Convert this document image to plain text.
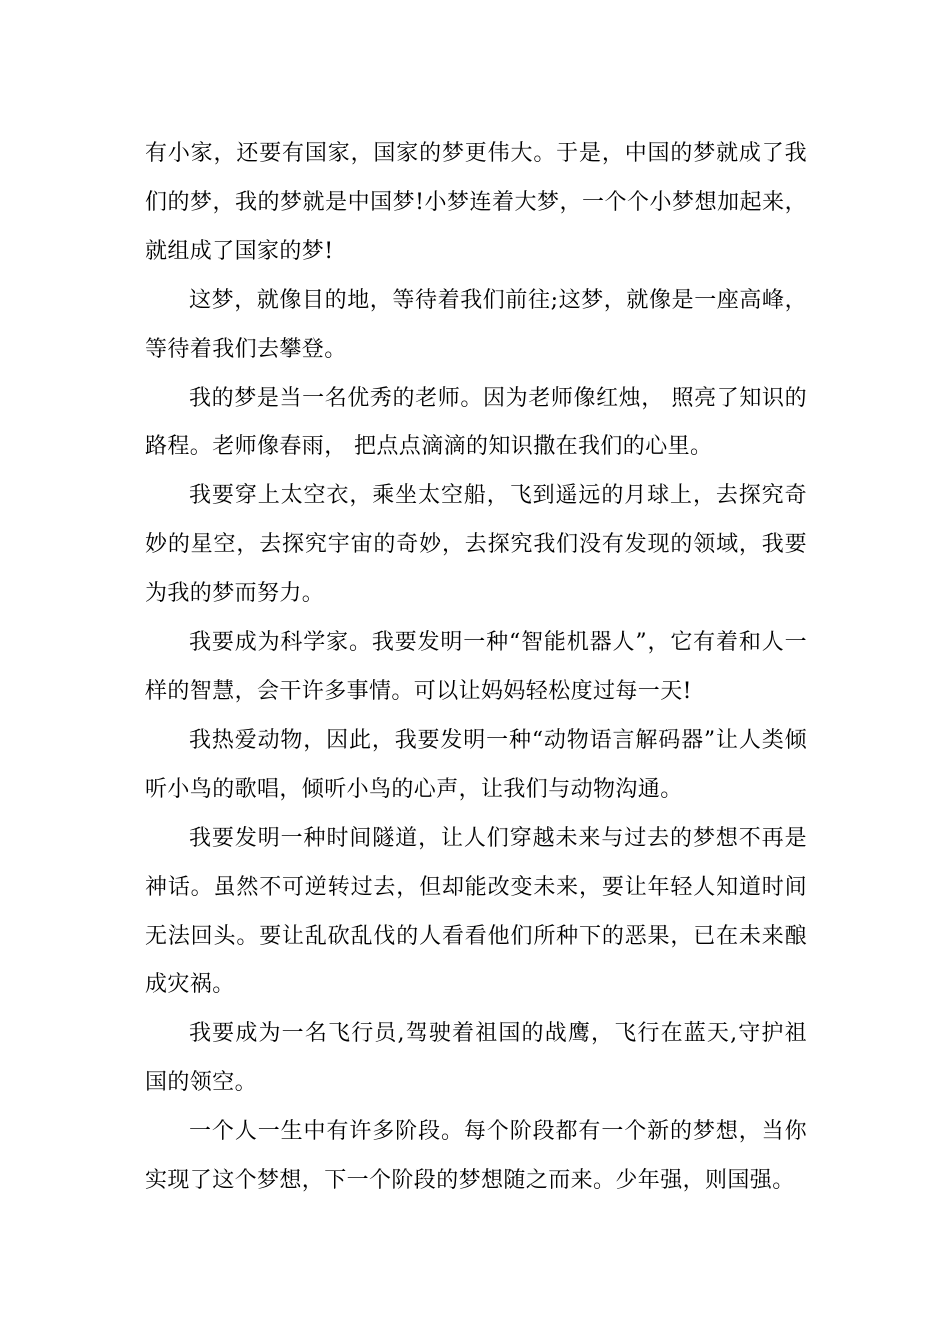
有小家，还要有国家，国家的梦更伟大。于是，中国的梦就成了我们的梦，我的梦就是中国梦!小梦连着大梦，一个个小梦想加起来，就组成了国家的梦!

这梦，就像目的地，等待着我们前往;这梦，就像是一座高峰，等待着我们去攀登。

我的梦是当一名优秀的老师。因为老师像红烛， 照亮了知识的路程。老师像春雨， 把点点滴滴的知识撒在我们的心里。

我要穿上太空衣，乘坐太空船，飞到遥远的月球上，去探究奇妙的星空，去探究宇宙的奇妙，去探究我们没有发现的领域，我要为我的梦而努力。

我要成为科学家。我要发明一种“智能机器人”，它有着和人一样的智慧，会干许多事情。可以让妈妈轻松度过每一天!

我热爱动物，因此，我要发明一种“动物语言解码器”让人类倾听小鸟的歌唱，倾听小鸟的心声，让我们与动物沟通。

我要发明一种时间隧道，让人们穿越未来与过去的梦想不再是神话。虽然不可逆转过去，但却能改变未来，要让年轻人知道时间无法回头。要让乱砍乱伐的人看看他们所种下的恶果，已在未来酿成灾祸。

我要成为一名飞行员,驾驶着祖国的战鹰，飞行在蓝天,守护祖国的领空。

一个人一生中有许多阶段。每个阶段都有一个新的梦想，当你实现了这个梦想，下一个阶段的梦想随之而来。少年强，则国强。
